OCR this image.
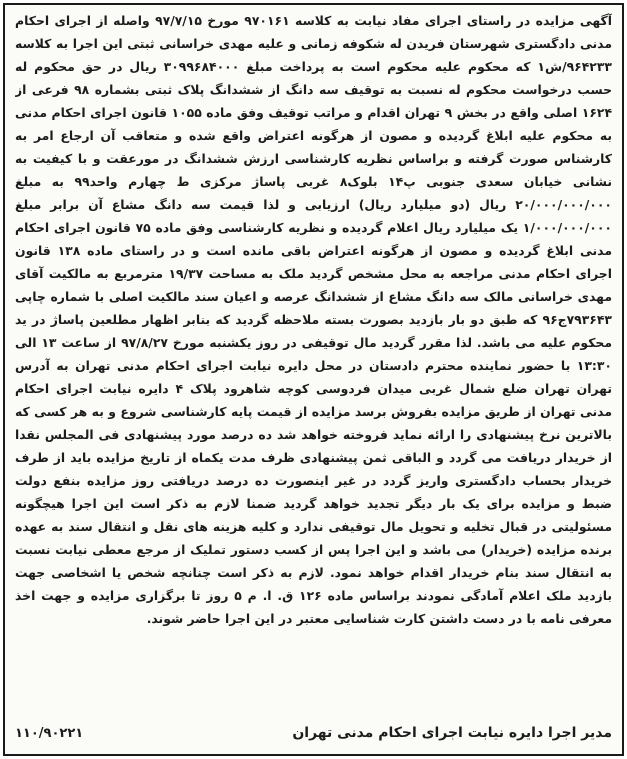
آگهی مزایده در راستای اجرای مفاد نیابت به کلاسه ۹۷۰۱۶۱ مورخ ۹۷/۷/۱۵ واصله از اجرای احکام مدنی دادگستری شهرستان فریدن له شکوفه زمانی و علیه مهدی خراسانی ثبتی این اجرا به کلاسه ۹۶۴۲۳۳/ش۱ که محکوم علیه محکوم است به پرداخت مبلغ ۳۰۹۹۶۸۴۰۰۰ ریال در حق محکوم له حسب درخواست محکوم له نسبت به توقیف سه دانگ از ششدانگ پلاک ثبتی بشماره ۹۸ فرعی از ۱۶۲۴ اصلی واقع در بخش ۹ تهران اقدام و مراتب توقیف وفق ماده ۱۰۵۵ قانون اجرای احکام مدنی به محکوم علیه ابلاغ گردیده و مصون از هرگونه اعتراض واقع شده و متعاقب آن ارجاع امر به کارشناس صورت گرفته و براساس نظریه کارشناسی ارزش ششدانگ در مورعقت و با کیفیت به نشانی خیابان سعدی جنوبی پ۱۴ بلوک۸ غربی پاساژ مرکزی ط چهارم واحد۹۹ به مبلغ ۲۰/۰۰۰/۰۰۰/۰۰۰ ریال (دو میلیارد ریال) ارزیابی و لذا قیمت سه دانگ مشاع آن برابر مبلغ ۱/۰۰۰/۰۰۰/۰۰۰ یک میلیارد ریال اعلام گردیده و نظریه کارشناسی وفق ماده ۷۵ قانون اجرای احکام مدنی ابلاغ گردیده و مصون از هرگونه اعتراض باقی مانده است و در راستای ماده ۱۳۸ قانون اجرای احکام مدنی مراجعه به محل مشخص گردید ملک به مساحت ۱۹/۳۷ مترمربع به مالکیت آقای مهدی خراسانی مالک سه دانگ مشاع از ششدانگ عرصه و اعیان سند مالکیت اصلی با شماره چاپی ۷۹۳۶۴۳ج۹۶ که طبق دو بار بازدید بصورت بسته ملاحظه گردید که بنابر اظهار مطلعین پاساژ در ید محکوم علیه می باشد. لذا مقرر گردید مال توقیفی در روز یکشنبه مورخ ۹۷/۸/۲۷ از ساعت ۱۳ الی ۱۳:۳۰ با حضور نماینده محترم دادستان در محل دایره نیابت اجرای احکام مدنی تهران به آدرس تهران تهران ضلع شمال غربی میدان فردوسی کوچه شاهرود پلاک ۴ دایره نیابت اجرای احکام مدنی تهران از طریق مزایده بفروش برسد مزایده از قیمت پایه کارشناسی شروع و به هر کسی که بالاترین نرخ پیشنهادی را ارائه نماید فروخته خواهد شد ده درصد مورد پیشنهادی فی المجلس نقدا از خریدار دریافت می گردد و الباقی ثمن پیشنهادی ظرف مدت یکماه از تاریخ مزایده باید از طرف خریدار بحساب دادگستری واریز گردد در غیر اینصورت ده درصد دریافتی روز مزایده بنفع دولت ضبط و مزایده برای یک بار دیگر تجدید خواهد گردید ضمنا لازم به ذکر است این اجرا هیچگونه مسئولیتی در قبال تخلیه و تحویل مال توقیفی ندارد و کلیه هزینه های نقل و انتقال سند به عهده برنده مزایده (خریدار) می باشد و این اجرا پس از کسب دستور تملیک از مرجع معطی نیابت نسبت به انتقال سند بنام خریدار اقدام خواهد نمود. لازم به ذکر است چنانچه شخص یا اشخاصی جهت بازدید ملک اعلام آمادگی نمودند براساس ماده ۱۲۶ ق. ا. م ۵ روز تا برگزاری مزایده و جهت اخذ معرفی نامه با در دست داشتن کارت شناسایی معتبر در این اجرا حاضر شوند.

مدیر اجرا دایره نیابت اجرای احکام مدنی تهران
۱۱۰/۹۰۲۲۱
